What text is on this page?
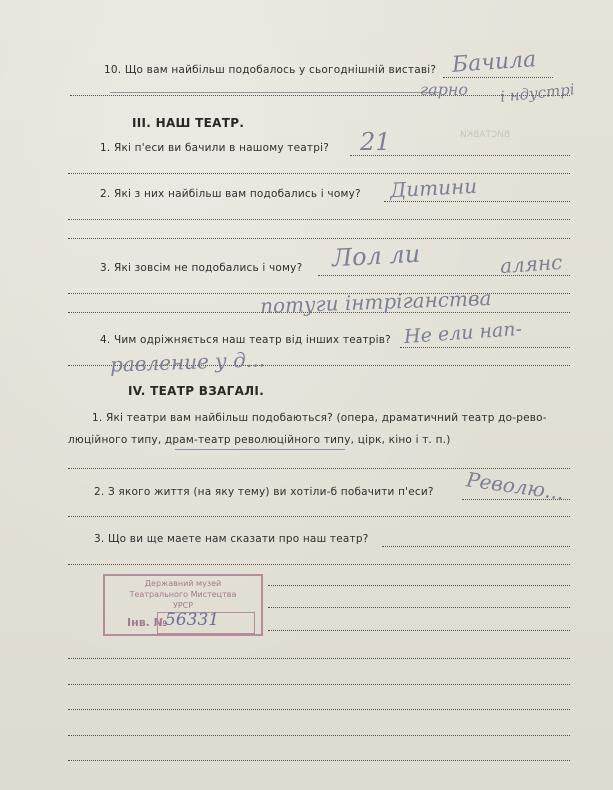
ВИСТАВКИ
10. Що вам найбільш подобалось у сьогоднішній виставі? Бачила
і ндустрі
гарно
III. НАШ ТЕАТР.
1. Які п'еси ви бачили в нашому театрі? 21
2. Які з них найбільш вам подобались і чому? Дитини
3. Які зовсім не подобались і чому? Лол ли	алянс
потуги інтріганства
4. Чим одріжняється наш театр від інших театрів? Не ели нап-
равление у д...
IV. ТЕАТР ВЗАГАЛІ.
1. Які театри вам найбільш подобаються? (опера, драматичний театр до-рево-
люційного типу, драм-театр революційного типу, цірк, кіно і т. п.)
2. З якого життя (на яку тему) ви хотіли-б побачити п'еси? Револю...
3. Що ви ще маете нам сказати про наш театр?
Державний музей
Театрального Мистецтва
УРСР
Інв. №
56331
